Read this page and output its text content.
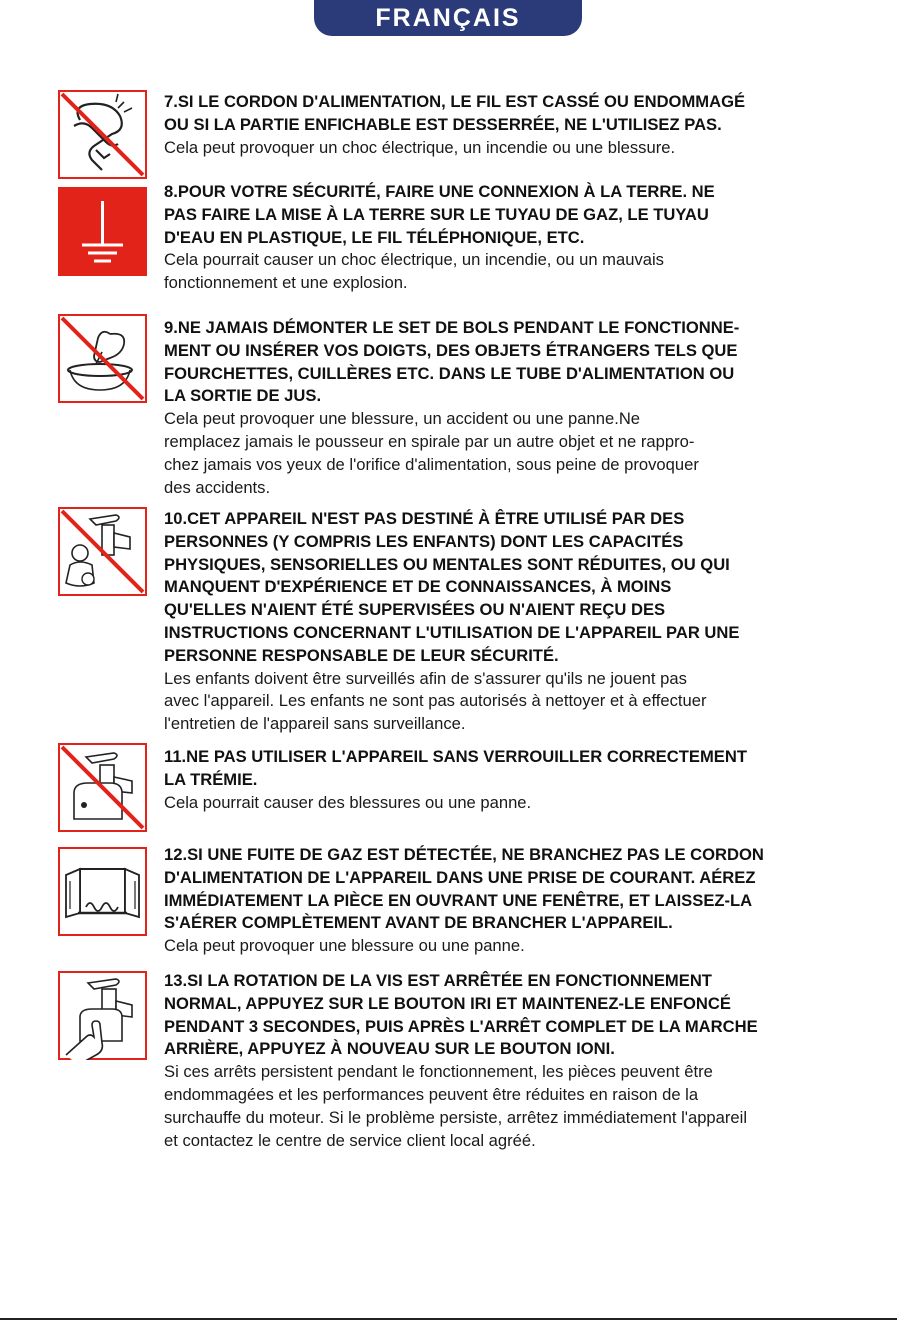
FRANÇAIS

7.SI LE CORDON D'ALIMENTATION, LE FIL EST CASSÉ OU ENDOMMAGÉ
OU SI LA PARTIE ENFICHABLE EST DESSERRÉE, NE L'UTILISEZ PAS.

Cela peut provoquer un choc électrique, un incendie ou une blessure.

8.POUR VOTRE SÉCURITÉ, FAIRE UNE CONNEXION À LA TERRE. NE
PAS FAIRE LA MISE À LA TERRE SUR LE TUYAU DE GAZ, LE TUYAU
D'EAU EN PLASTIQUE, LE FIL TÉLÉPHONIQUE, ETC.

Cela pourrait causer un choc électrique, un incendie, ou un mauvais
fonctionnement et une explosion.

9.NE JAMAIS DÉMONTER LE SET DE BOLS PENDANT LE FONCTIONNE-
MENT OU INSÉRER VOS DOIGTS, DES OBJETS ÉTRANGERS TELS QUE
FOURCHETTES, CUILLÈRES ETC. DANS LE TUBE D'ALIMENTATION OU
LA SORTIE DE JUS.

Cela peut provoquer une blessure, un accident ou une panne.Ne
remplacez jamais le pousseur en spirale par un autre objet et ne rappro-
chez jamais vos yeux de l'orifice d'alimentation, sous peine de provoquer
des accidents.

10.CET APPAREIL N'EST PAS DESTINÉ À ÊTRE UTILISÉ PAR DES
PERSONNES (Y COMPRIS LES ENFANTS) DONT LES CAPACITÉS
PHYSIQUES, SENSORIELLES OU MENTALES SONT RÉDUITES, OU QUI
MANQUENT D'EXPÉRIENCE ET DE CONNAISSANCES, À MOINS
QU'ELLES N'AIENT ÉTÉ SUPERVISÉES OU N'AIENT REÇU DES
INSTRUCTIONS CONCERNANT L'UTILISATION DE L'APPAREIL PAR UNE
PERSONNE RESPONSABLE DE LEUR SÉCURITÉ.

Les enfants doivent être surveillés afin de s'assurer qu'ils ne jouent pas
avec l'appareil. Les enfants ne sont pas autorisés à nettoyer et à effectuer
l'entretien de l'appareil sans surveillance.

11.NE PAS UTILISER L'APPAREIL SANS VERROUILLER CORRECTEMENT
LA TRÉMIE.

Cela pourrait causer des blessures ou une panne.

12.SI UNE FUITE DE GAZ EST DÉTECTÉE, NE BRANCHEZ PAS LE CORDON
D'ALIMENTATION DE L'APPAREIL DANS UNE PRISE DE COURANT. AÉREZ
IMMÉDIATEMENT LA PIÈCE EN OUVRANT UNE FENÊTRE, ET LAISSEZ-LA
S'AÉRER COMPLÈTEMENT AVANT DE BRANCHER L'APPAREIL.

Cela peut provoquer une blessure ou une panne.

13.SI LA ROTATION DE LA VIS EST ARRÊTÉE EN FONCTIONNEMENT
NORMAL, APPUYEZ SUR LE BOUTON IRI ET MAINTENEZ-LE ENFONCÉ
PENDANT 3 SECONDES, PUIS APRÈS L'ARRÊT COMPLET DE LA MARCHE
ARRIÈRE, APPUYEZ À NOUVEAU SUR LE BOUTON IONI.

Si ces arrêts persistent pendant le fonctionnement, les pièces peuvent être
endommagées et les performances peuvent être réduites en raison de la
surchauffe du moteur. Si le problème persiste, arrêtez immédiatement l'appareil
et contactez le centre de service client local agréé.
